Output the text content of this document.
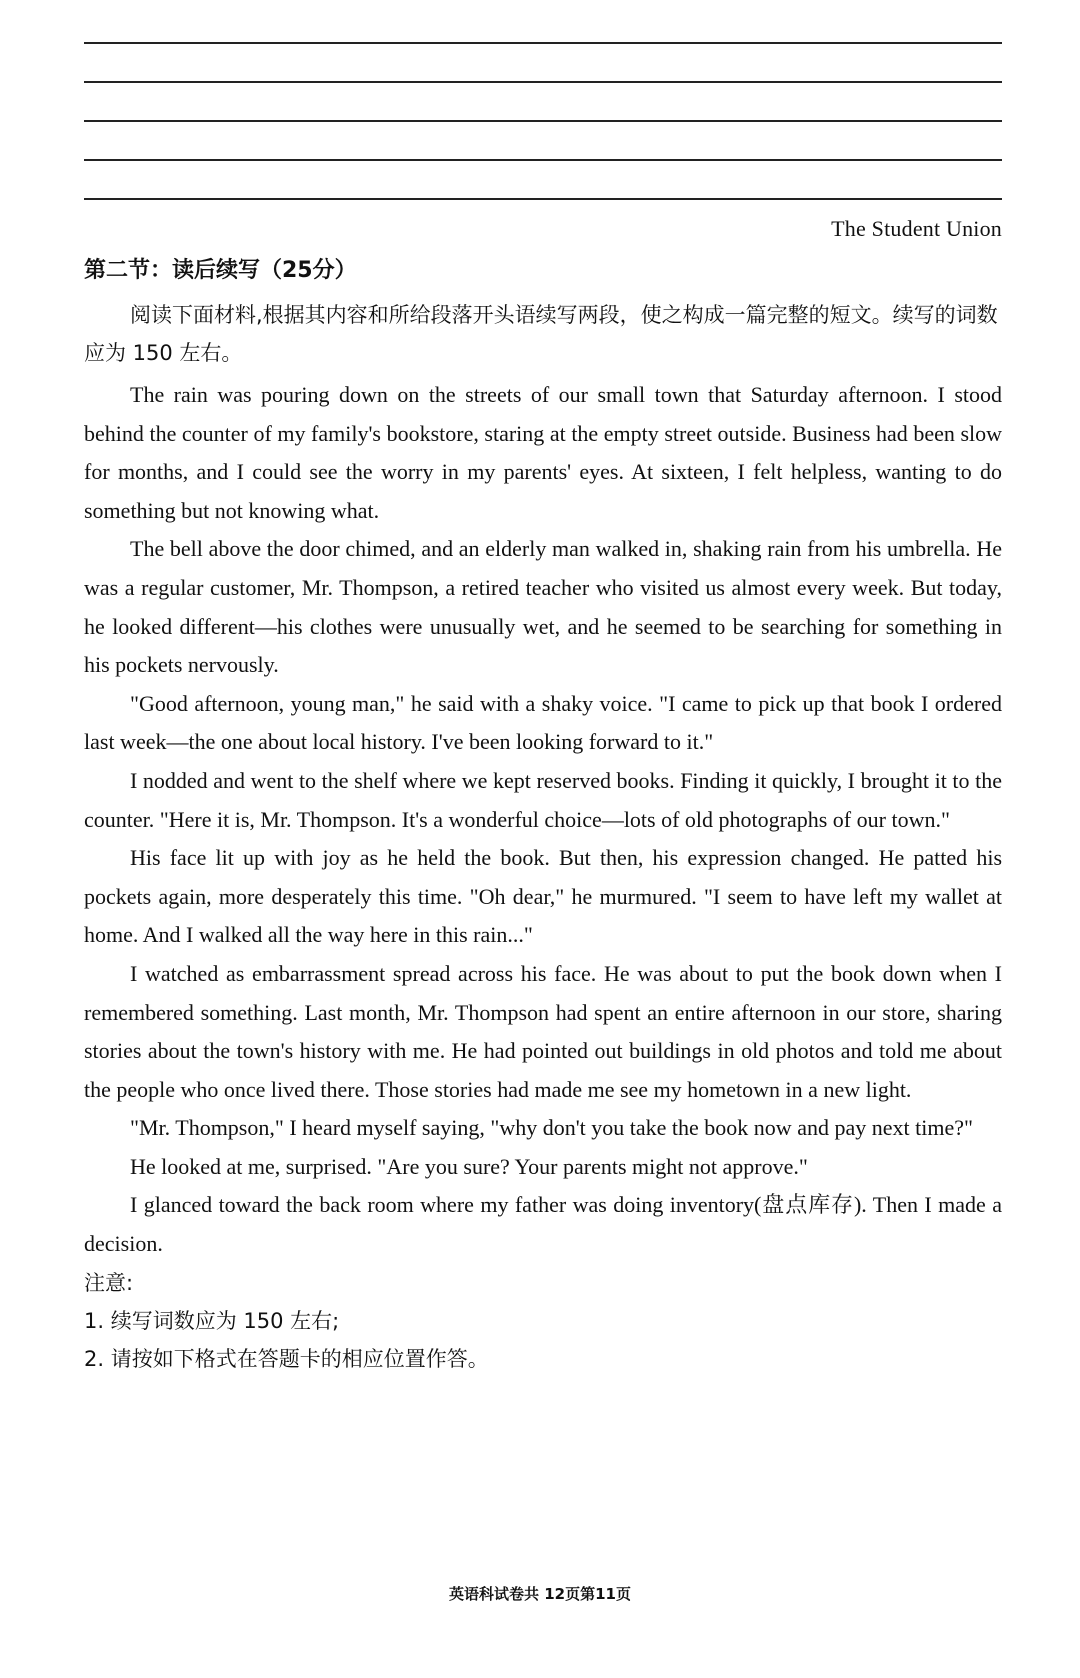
The Student Union
第二节：读后续写（25分）

阅读下面材料,根据其内容和所给段落开头语续写两段，使之构成一篇完整的短文。续写的词数应为 150 左右。

The rain was pouring down on the streets of our small town that Saturday afternoon. I stood behind the counter of my family's bookstore, staring at the empty street outside. Business had been slow for months, and I could see the worry in my parents' eyes. At sixteen, I felt helpless, wanting to do something but not knowing what.

The bell above the door chimed, and an elderly man walked in, shaking rain from his umbrella. He was a regular customer, Mr. Thompson, a retired teacher who visited us almost every week. But today, he looked different—his clothes were unusually wet, and he seemed to be searching for something in his pockets nervously.

"Good afternoon, young man," he said with a shaky voice. "I came to pick up that book I ordered last week—the one about local history. I've been looking forward to it."

I nodded and went to the shelf where we kept reserved books. Finding it quickly, I brought it to the counter. "Here it is, Mr. Thompson. It's a wonderful choice—lots of old photographs of our town."

His face lit up with joy as he held the book. But then, his expression changed. He patted his pockets again, more desperately this time. "Oh dear," he murmured. "I seem to have left my wallet at home. And I walked all the way here in this rain..."

I watched as embarrassment spread across his face. He was about to put the book down when I remembered something. Last month, Mr. Thompson had spent an entire afternoon in our store, sharing stories about the town's history with me. He had pointed out buildings in old photos and told me about the people who once lived there. Those stories had made me see my hometown in a new light.

"Mr. Thompson," I heard myself saying, "why don't you take the book now and pay next time?"

He looked at me, surprised. "Are you sure? Your parents might not approve."

I glanced toward the back room where my father was doing inventory(盘点库存). Then I made a decision.

注意:

1. 续写词数应为 150 左右;

2. 请按如下格式在答题卡的相应位置作答。

英语科试卷共 12页第11页
